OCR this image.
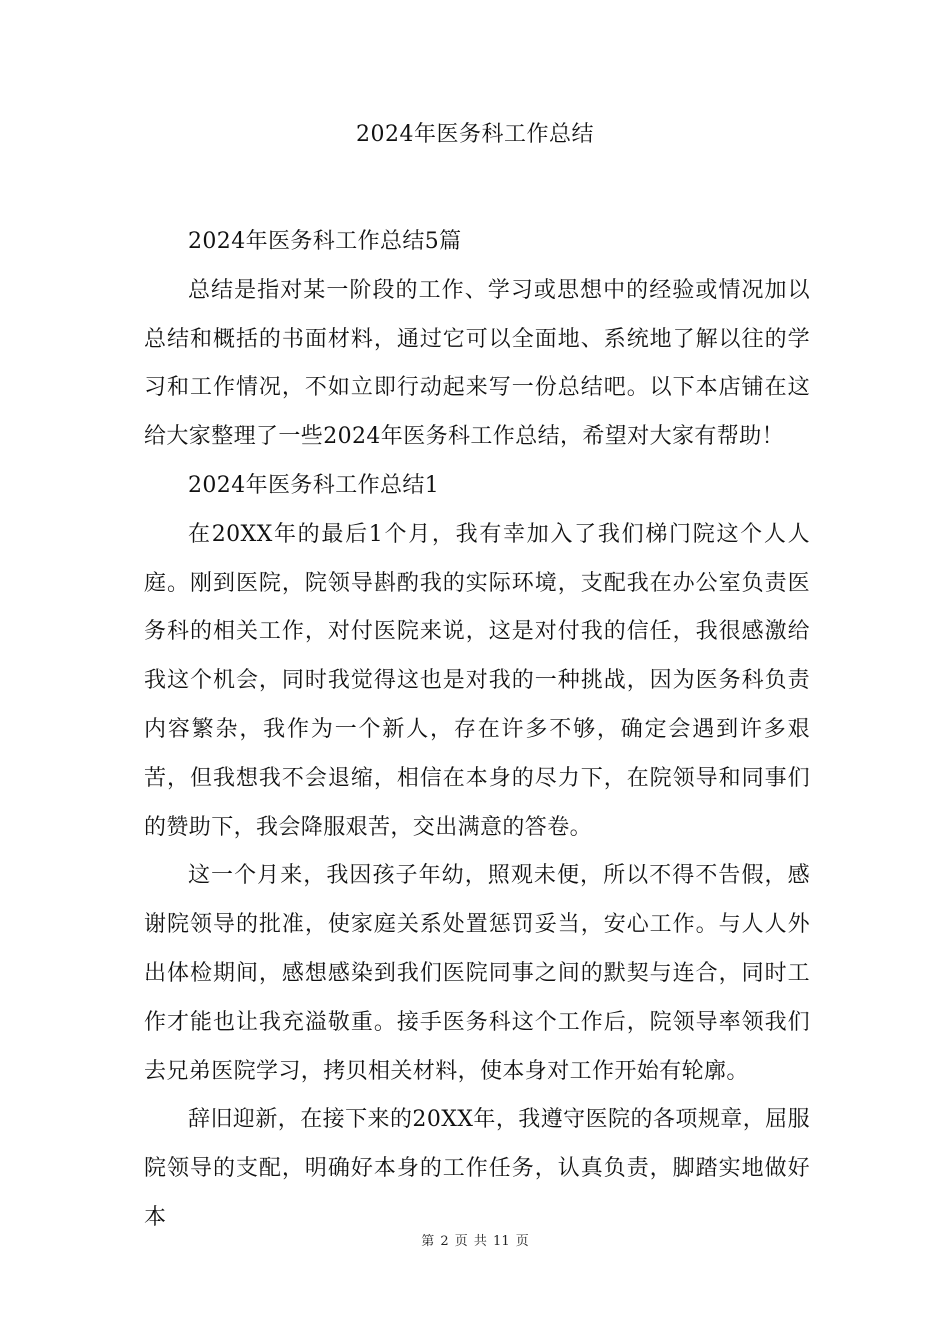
2024年医务科工作总结

2024年医务科工作总结5篇

总结是指对某一阶段的工作、学习或思想中的经验或情况加以总结和概括的书面材料，通过它可以全面地、系统地了解以往的学习和工作情况，不如立即行动起来写一份总结吧。以下本店铺在这给大家整理了一些2024年医务科工作总结，希望对大家有帮助！

2024年医务科工作总结1

在20XX年的最后1个月，我有幸加入了我们梯门院这个人人庭。刚到医院，院领导斟酌我的实际环境，支配我在办公室负责医务科的相关工作，对付医院来说，这是对付我的信任，我很感激给我这个机会，同时我觉得这也是对我的一种挑战，因为医务科负责内容繁杂，我作为一个新人，存在许多不够，确定会遇到许多艰苦，但我想我不会退缩，相信在本身的尽力下，在院领导和同事们的赞助下，我会降服艰苦，交出满意的答卷。

这一个月来，我因孩子年幼，照观未便，所以不得不告假，感谢院领导的批准，使家庭关系处置惩罚妥当，安心工作。与人人外出体检期间，感想感染到我们医院同事之间的默契与连合，同时工作才能也让我充溢敬重。接手医务科这个工作后，院领导率领我们去兄弟医院学习，拷贝相关材料，使本身对工作开始有轮廓。

辞旧迎新，在接下来的20XX年，我遵守医院的各项规章，屈服院领导的支配，明确好本身的工作任务，认真负责，脚踏实地做好本

第 2 页 共 11 页
